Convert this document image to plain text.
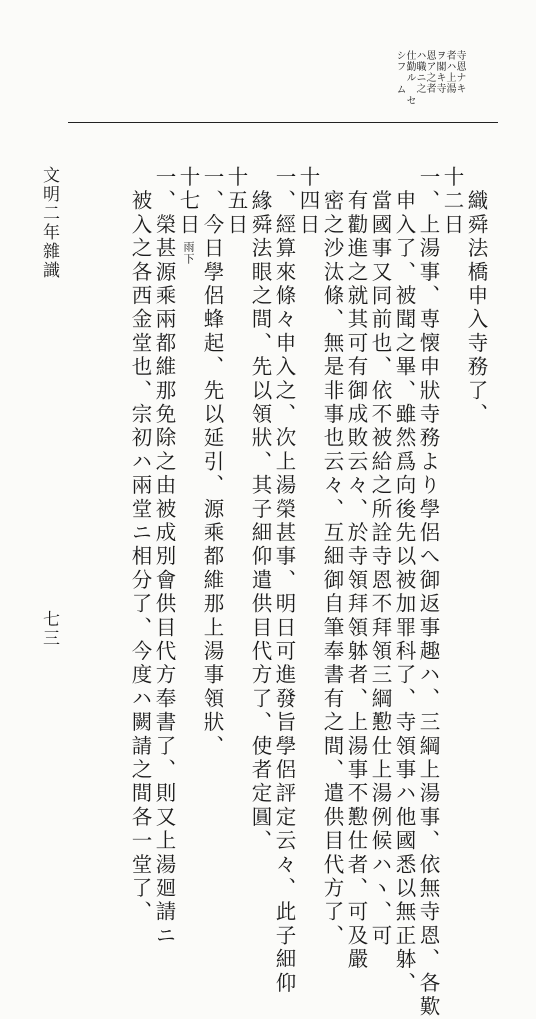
寺恩ナキ
者ハ上湯
ヲ閣キ寺
恩ア之者
ハ職ニ之
仕勤ル セ
シフ ム
　織舜法橋申入寺務了、
十二日
一、上湯事、専懐申狀寺務より學侶へ御返事趣ハ、三綱上湯事、依無寺恩、各歎
　申入了、被聞之畢、雖然爲向後先以被加罪科了、寺領事ハ他國悉以無正躰、
　當國事又同前也、依不被給之所詮寺恩不拜領三綱懃仕上湯例候ハヽ、可
　有勸進之就其可有御成敗云々、於寺領拜領躰者、上湯事不懃仕者、可及嚴
　密之沙汰條、無是非事也云々、互細御自筆奉書有之間、遣供目代方了、
十四日
一、經算來條々申入之、次上湯榮甚事、明日可進發旨學侶評定云々、此子細仰
　緣舜法眼之間、先以領狀、其子細仰遣供目代方了、使者定圓、
十五日
一、今日學侶蜂起、先以延引、源乘都維那上湯事領狀、
十七日雨下
一、榮甚源乘兩都維那免除之由被成別會供目代方奉書了、則又上湯廻請ニ
　被入之各西金堂也、宗初ハ兩堂ニ相分了、今度ハ闕請之間各一堂了、
文明二年雜識
七三
